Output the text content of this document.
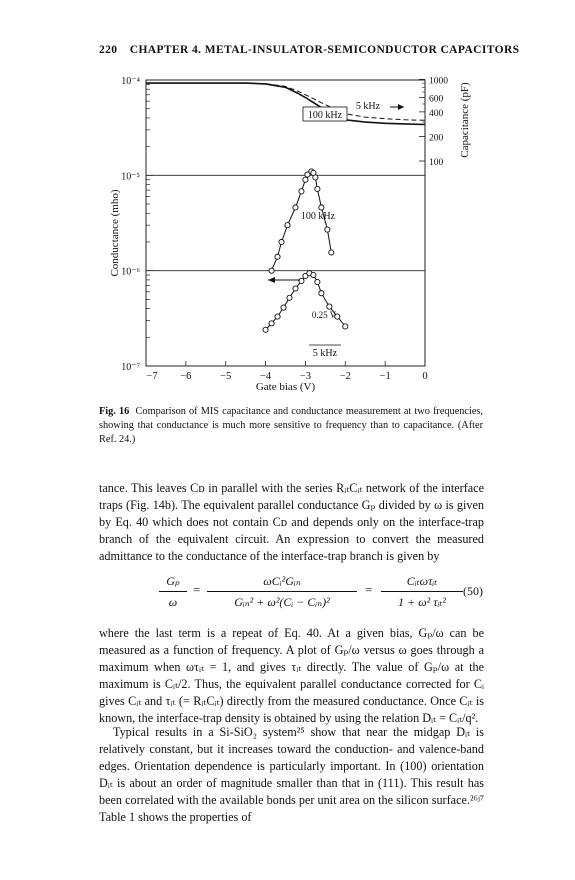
220 CHAPTER 4. METAL-INSULATOR-SEMICONDUCTOR CAPACITORS
−7 −6	−5	−4	−3	−2	−1	0
10⁻⁴
10⁻⁵
10⁻⁶
10⁻⁷
1000
600
400
200
100
Gate bias (V)
Conductance (mho)
Capacitance (pF)
100 kHz
5 kHz
100 kHz
5 kHz
0.25 V
Fig. 16 Comparison of MIS capacitance and conductance measurement at two frequencies, showing that conductance is much more sensitive to frequency than to capacitance. (After Ref. 24.)
tance. This leaves Cᴅ in parallel with the series RᵢₜCᵢₜ network of the interface traps (Fig. 14b). The equivalent parallel conductance Gₚ divided by ω is given by Eq. 40 which does not contain Cᴅ and depends only on the interface-trap branch of the equivalent circuit. An expression to convert the measured admittance to the conductance of the interface-trap branch is given by
$\frac{\text{Gₚ}}{\omega}$ =
ωCᵢ²Gᵢₙ
Gᵢₙ² + ω²(Cᵢ − Cᵢₙ)²
=
Cᵢₜωτᵢₜ
1 + ω² τᵢₜ²
(50)
where the last term is a repeat of Eq. 40. At a given bias, Gₚ/ω can be measured as a function of frequency. A plot of Gₚ/ω versus ω goes through a maximum when ωτᵢₜ = 1, and gives τᵢₜ directly. The value of Gₚ/ω at the maximum is Cᵢₜ/2. Thus, the equivalent parallel conductance corrected for Cᵢ gives Cᵢₜ and τᵢₜ (= RᵢₜCᵢₜ) directly from the measured conductance. Once Cᵢₜ is known, the interface-trap density is obtained by using the relation Dᵢₜ = Cᵢₜ/q².
Typical results in a Si-SiO₂ system²⁵ show that near the midgap Dᵢₜ is relatively constant, but it increases toward the conduction- and valence-band edges. Orientation dependence is particularly important. In (100) orientation Dᵢₜ is about an order of magnitude smaller than that in (111). This result has been correlated with the available bonds per unit area on the silicon surface.²⁶ʲ⁷ Table 1 shows the properties of
